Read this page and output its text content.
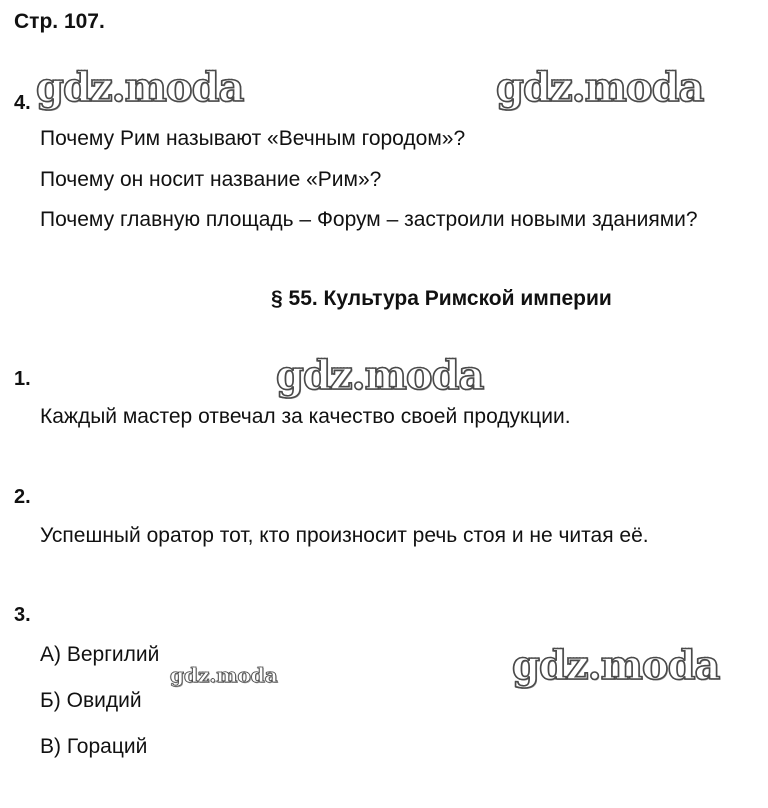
Стр. 107.
4. gdz.moda	gdz.moda
Почему Рим называют «Вечным городом»?
Почему он носит название «Рим»?
Почему главную площадь – Форум – застроили новыми зданиями?
§ 55. Культура Римской империи
1.	gdz.moda
Каждый мастер отвечал за качество своей продукции.
2.
Успешный оратор тот, кто произносит речь стоя и не читая её.
3.
А) Вергилий
gdz.moda	gdz.moda
Б) Овидий
В) Гораций
